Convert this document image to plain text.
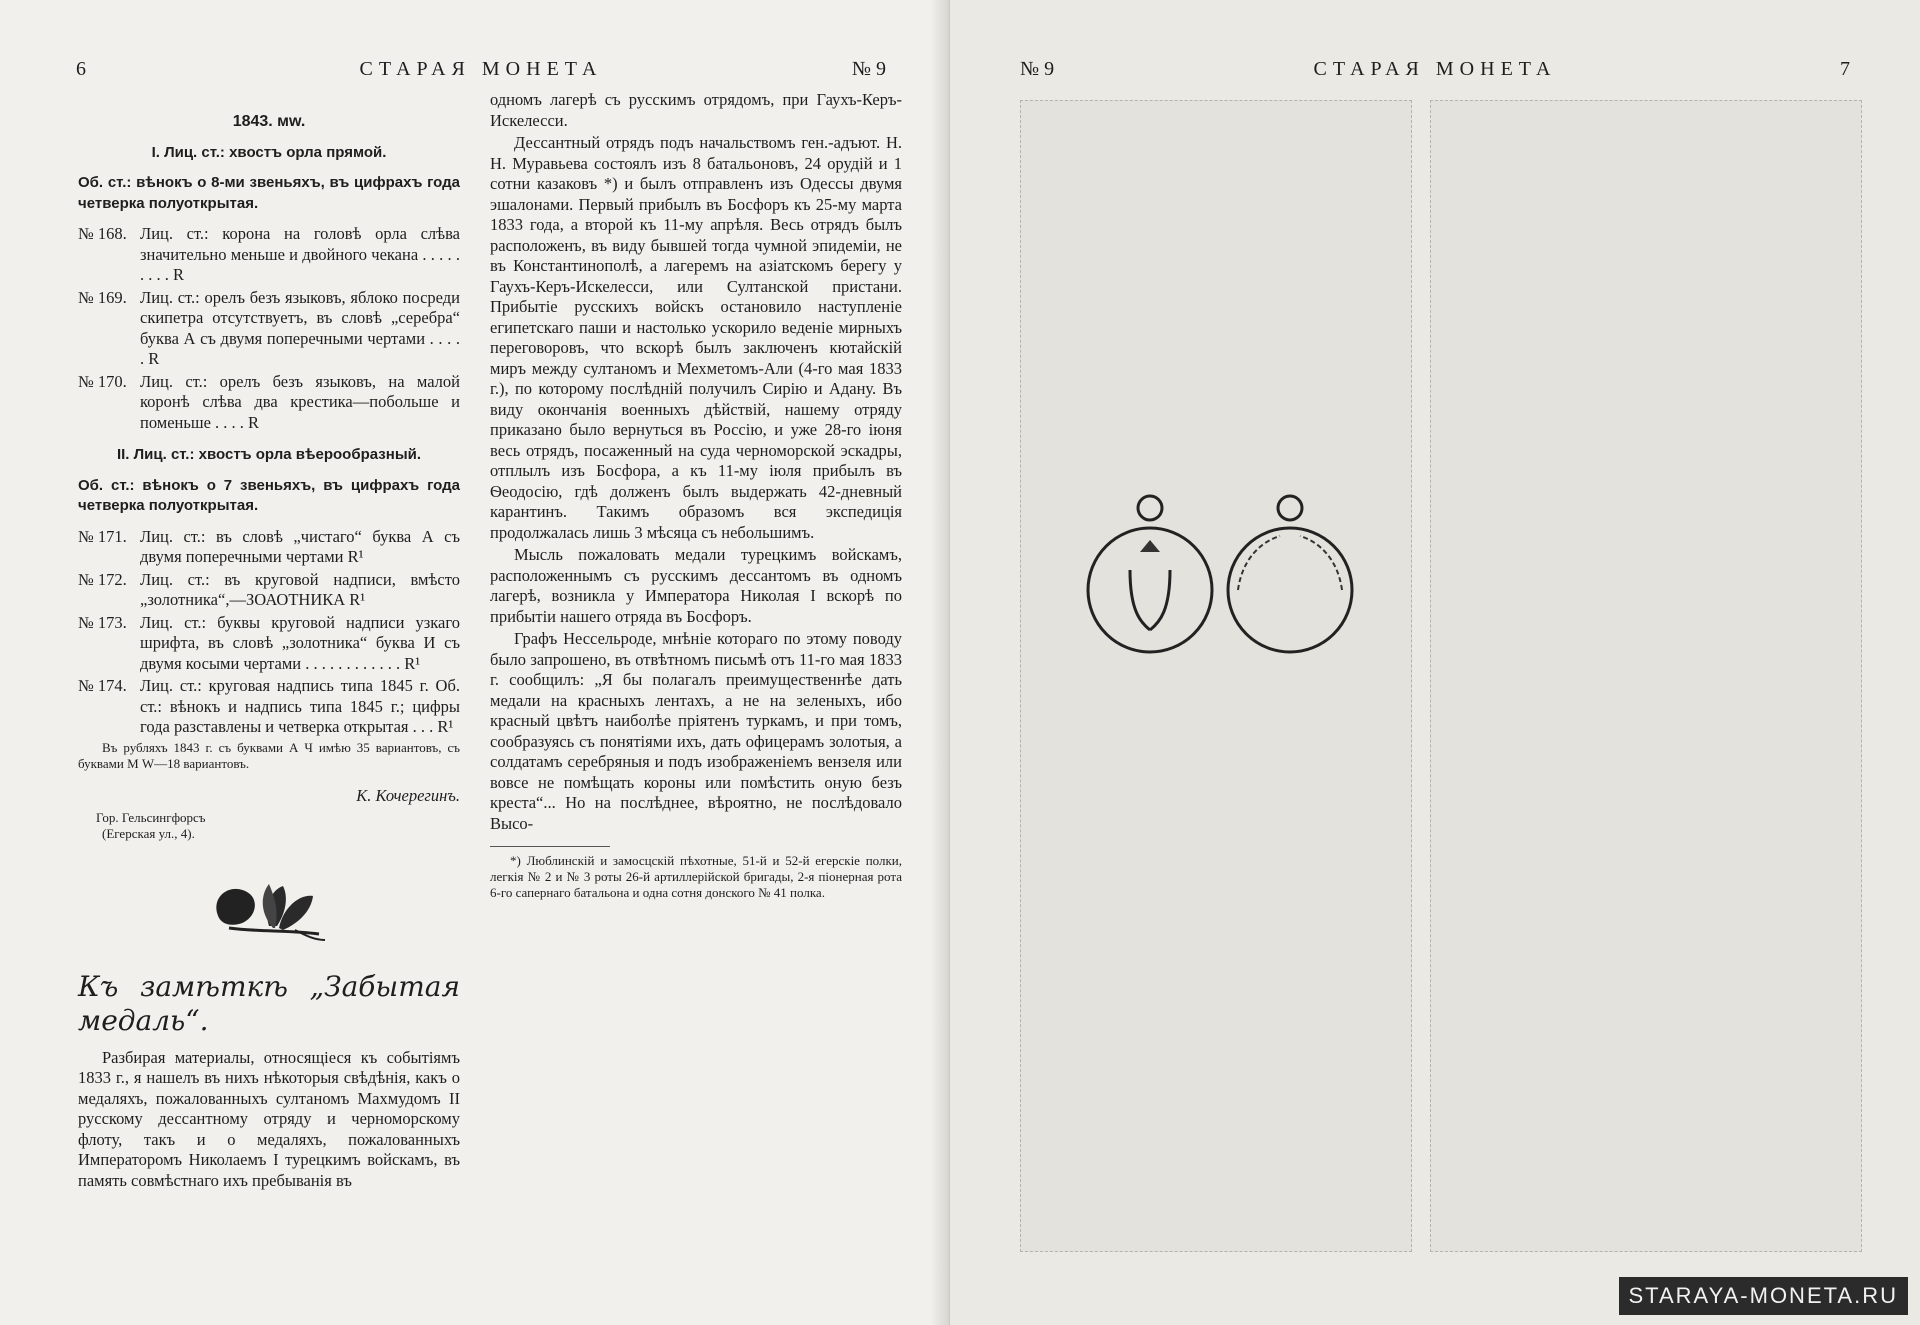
6	СТАРАЯ МОНЕТА	№ 9
1843. мw.
I. Лиц. ст.: хвостъ орла прямой.
Об. ст.: вѣнокъ о 8-ми звеньяхъ, въ цифрахъ года четверка полуоткрытая.
№ 168. Лиц. ст.: корона на головѣ орла слѣва значительно меньше и двойного чекана . . . . . . . . . R
№ 169. Лиц. ст.: орелъ безъ языковъ, яблоко посреди скипетра отсутствуетъ, въ словѣ „серебра“ буква А съ двумя поперечными чертами . . . . . R
№ 170. Лиц. ст.: орелъ безъ языковъ, на малой коронѣ слѣва два крестика—побольше и поменьше . . . . R
II. Лиц. ст.: хвостъ орла вѣерообразный.
Об. ст.: вѣнокъ о 7 звеньяхъ, въ цифрахъ года четверка полуоткрытая.
№ 171. Лиц. ст.: въ словѣ „чистаго“ буква А съ двумя поперечными чертами R¹
№ 172. Лиц. ст.: въ круговой надписи, вмѣсто „золотника“,—ЗОАОТНИКА R¹
№ 173. Лиц. ст.: буквы круговой надписи узкаго шрифта, въ словѣ „золотника“ буква И съ двумя косыми чертами . . . . . . . . . . . . R¹
№ 174. Лиц. ст.: круговая надпись типа 1845 г. Об. ст.: вѣнокъ и надпись типа 1845 г.; цифры года разставлены и четверка открытая . . . R¹
Въ рубляхъ 1843 г. съ буквами А Ч имѣю 35 вариантовъ, съ буквами М W—18 вариантовъ.
К. Кочерегинъ.
Гор. Гельсингфорсъ
(Егерская ул., 4).
Къ замѣткѣ „Забытая медаль“.

Разбирая материалы, относящіеся къ событіямъ 1833 г., я нашелъ въ нихъ нѣкоторыя свѣдѣнія, какъ о медаляхъ, пожалованныхъ султаномъ Махмудомъ II русскому дессантному отряду и черноморскому флоту, такъ и о медаляхъ, пожалованныхъ Императоромъ Николаемъ I турецкимъ войскамъ, въ память совмѣстнаго ихъ пребыванія въ

одномъ лагерѣ съ русскимъ отрядомъ, при Гаухъ-Керъ-Искелесси.

Дессантный отрядъ подъ начальствомъ ген.-адъют. Н. Н. Муравьева состоялъ изъ 8 батальоновъ, 24 орудій и 1 сотни казаковъ *) и былъ отправленъ изъ Одессы двумя эшалонами. Первый прибылъ въ Босфоръ къ 25-му марта 1833 года, а второй къ 11-му апрѣля. Весь отрядъ былъ расположенъ, въ виду бывшей тогда чумной эпидеміи, не въ Константинополѣ, а лагеремъ на азіатскомъ берегу у Гаухъ-Керъ-Искелесси, или Султанской пристани. Прибытіе русскихъ войскъ остановило наступленіе египетскаго паши и настолько ускорило веденіе мирныхъ переговоровъ, что вскорѣ былъ заключенъ кютайскій миръ между султаномъ и Мехметомъ-Али (4-го мая 1833 г.), по которому послѣдній получилъ Сирію и Адану. Въ виду окончанія военныхъ дѣйствій, нашему отряду приказано было вернуться въ Россію, и уже 28-го іюня весь отрядъ, посаженный на суда черноморской эскадры, отплылъ изъ Босфора, а къ 11-му іюля прибылъ въ Ѳеодосію, гдѣ долженъ былъ выдержать 42-дневный карантинъ. Такимъ образомъ вся экспедиція продолжалась лишь 3 мѣсяца съ небольшимъ.

Мысль пожаловать медали турецкимъ войскамъ, расположеннымъ съ русскимъ дессантомъ въ одномъ лагерѣ, возникла у Императора Николая I вскорѣ по прибытіи нашего отряда въ Босфоръ.

Графъ Нессельроде, мнѣніе котораго по этому поводу было запрошено, въ отвѣтномъ письмѣ отъ 11-го мая 1833 г. сообщилъ: „Я бы полагалъ преимущественнѣе дать медали на красныхъ лентахъ, а не на зеленыхъ, ибо красный цвѣтъ наиболѣе пріятенъ туркамъ, и при томъ, сообразуясь съ понятіями ихъ, дать офицерамъ золотыя, а солдатамъ серебряныя и подъ изображеніемъ вензеля или вовсе не помѣщать короны или помѣстить оную безъ креста“... Но на послѣднее, вѣроятно, не послѣдовало Высо-

*) Люблинскій и замосцскій пѣхотные, 51-й и 52-й егерскіе полки, легкія № 2 и № 3 роты 26-й артиллерійской бригады, 2-я піонерная рота 6-го сапернаго батальона и одна сотня донского № 41 полка.
№ 9	СТАРАЯ МОНЕТА	7
STARAYA-MONETA.RU
